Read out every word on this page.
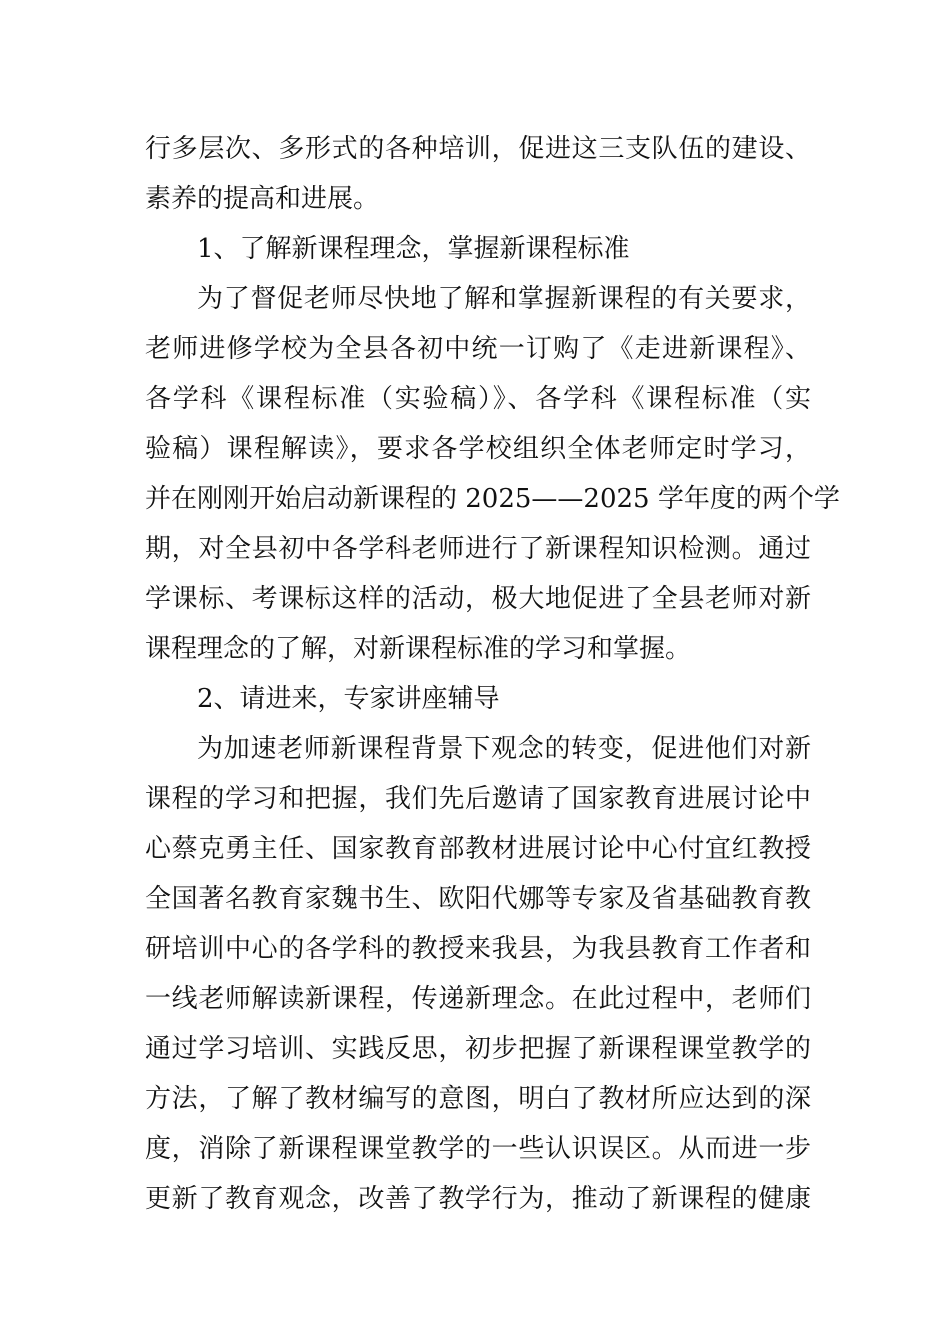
行多层次、多形式的各种培训，促进这三支队伍的建设、
素养的提高和进展。
1、了解新课程理念，掌握新课程标准
为了督促老师尽快地了解和掌握新课程的有关要求，
老师进修学校为全县各初中统一订购了《走进新课程》、
各学科《课程标准（实验稿）》、各学科《课程标准（实
验稿）课程解读》，要求各学校组织全体老师定时学习，
并在刚刚开始启动新课程的 2025——2025 学年度的两个学
期，对全县初中各学科老师进行了新课程知识检测。通过
学课标、考课标这样的活动，极大地促进了全县老师对新
课程理念的了解，对新课程标准的学习和掌握。
2、请进来，专家讲座辅导
为加速老师新课程背景下观念的转变，促进他们对新
课程的学习和把握，我们先后邀请了国家教育进展讨论中
心蔡克勇主任、国家教育部教材进展讨论中心付宜红教授
全国著名教育家魏书生、欧阳代娜等专家及省基础教育教
研培训中心的各学科的教授来我县，为我县教育工作者和
一线老师解读新课程，传递新理念。在此过程中，老师们
通过学习培训、实践反思，初步把握了新课程课堂教学的
方法，了解了教材编写的意图，明白了教材所应达到的深
度，消除了新课程课堂教学的一些认识误区。从而进一步
更新了教育观念，改善了教学行为，推动了新课程的健康
